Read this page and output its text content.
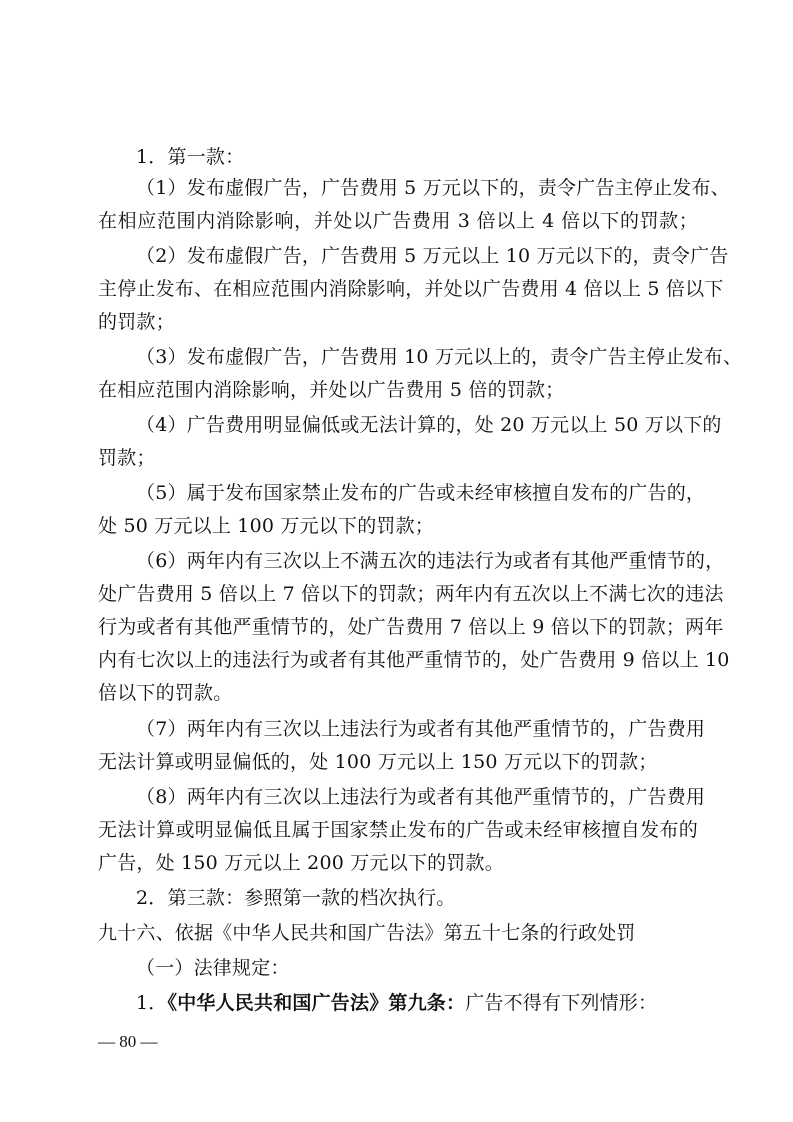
1．第一款：
（1）发布虚假广告，广告费用 5 万元以下的，责令广告主停止发布、
在相应范围内消除影响，并处以广告费用 3 倍以上 4 倍以下的罚款；
（2）发布虚假广告，广告费用 5 万元以上 10 万元以下的，责令广告
主停止发布、在相应范围内消除影响，并处以广告费用 4 倍以上 5 倍以下
的罚款；
（3）发布虚假广告，广告费用 10 万元以上的，责令广告主停止发布、
在相应范围内消除影响，并处以广告费用 5 倍的罚款；
（4）广告费用明显偏低或无法计算的，处 20 万元以上 50 万以下的
罚款；
（5）属于发布国家禁止发布的广告或未经审核擅自发布的广告的，
处 50 万元以上 100 万元以下的罚款；
（6）两年内有三次以上不满五次的违法行为或者有其他严重情节的，
处广告费用 5 倍以上 7 倍以下的罚款；两年内有五次以上不满七次的违法
行为或者有其他严重情节的，处广告费用 7 倍以上 9 倍以下的罚款；两年
内有七次以上的违法行为或者有其他严重情节的，处广告费用 9 倍以上 10
倍以下的罚款。
（7）两年内有三次以上违法行为或者有其他严重情节的，广告费用
无法计算或明显偏低的，处 100 万元以上 150 万元以下的罚款；
（8）两年内有三次以上违法行为或者有其他严重情节的，广告费用
无法计算或明显偏低且属于国家禁止发布的广告或未经审核擅自发布的
广告，处 150 万元以上 200 万元以下的罚款。
2．第三款：参照第一款的档次执行。
九十六、依据《中华人民共和国广告法》第五十七条的行政处罚
（一）法律规定：
1．《中华人民共和国广告法》第九条：广告不得有下列情形：
— 80 —
